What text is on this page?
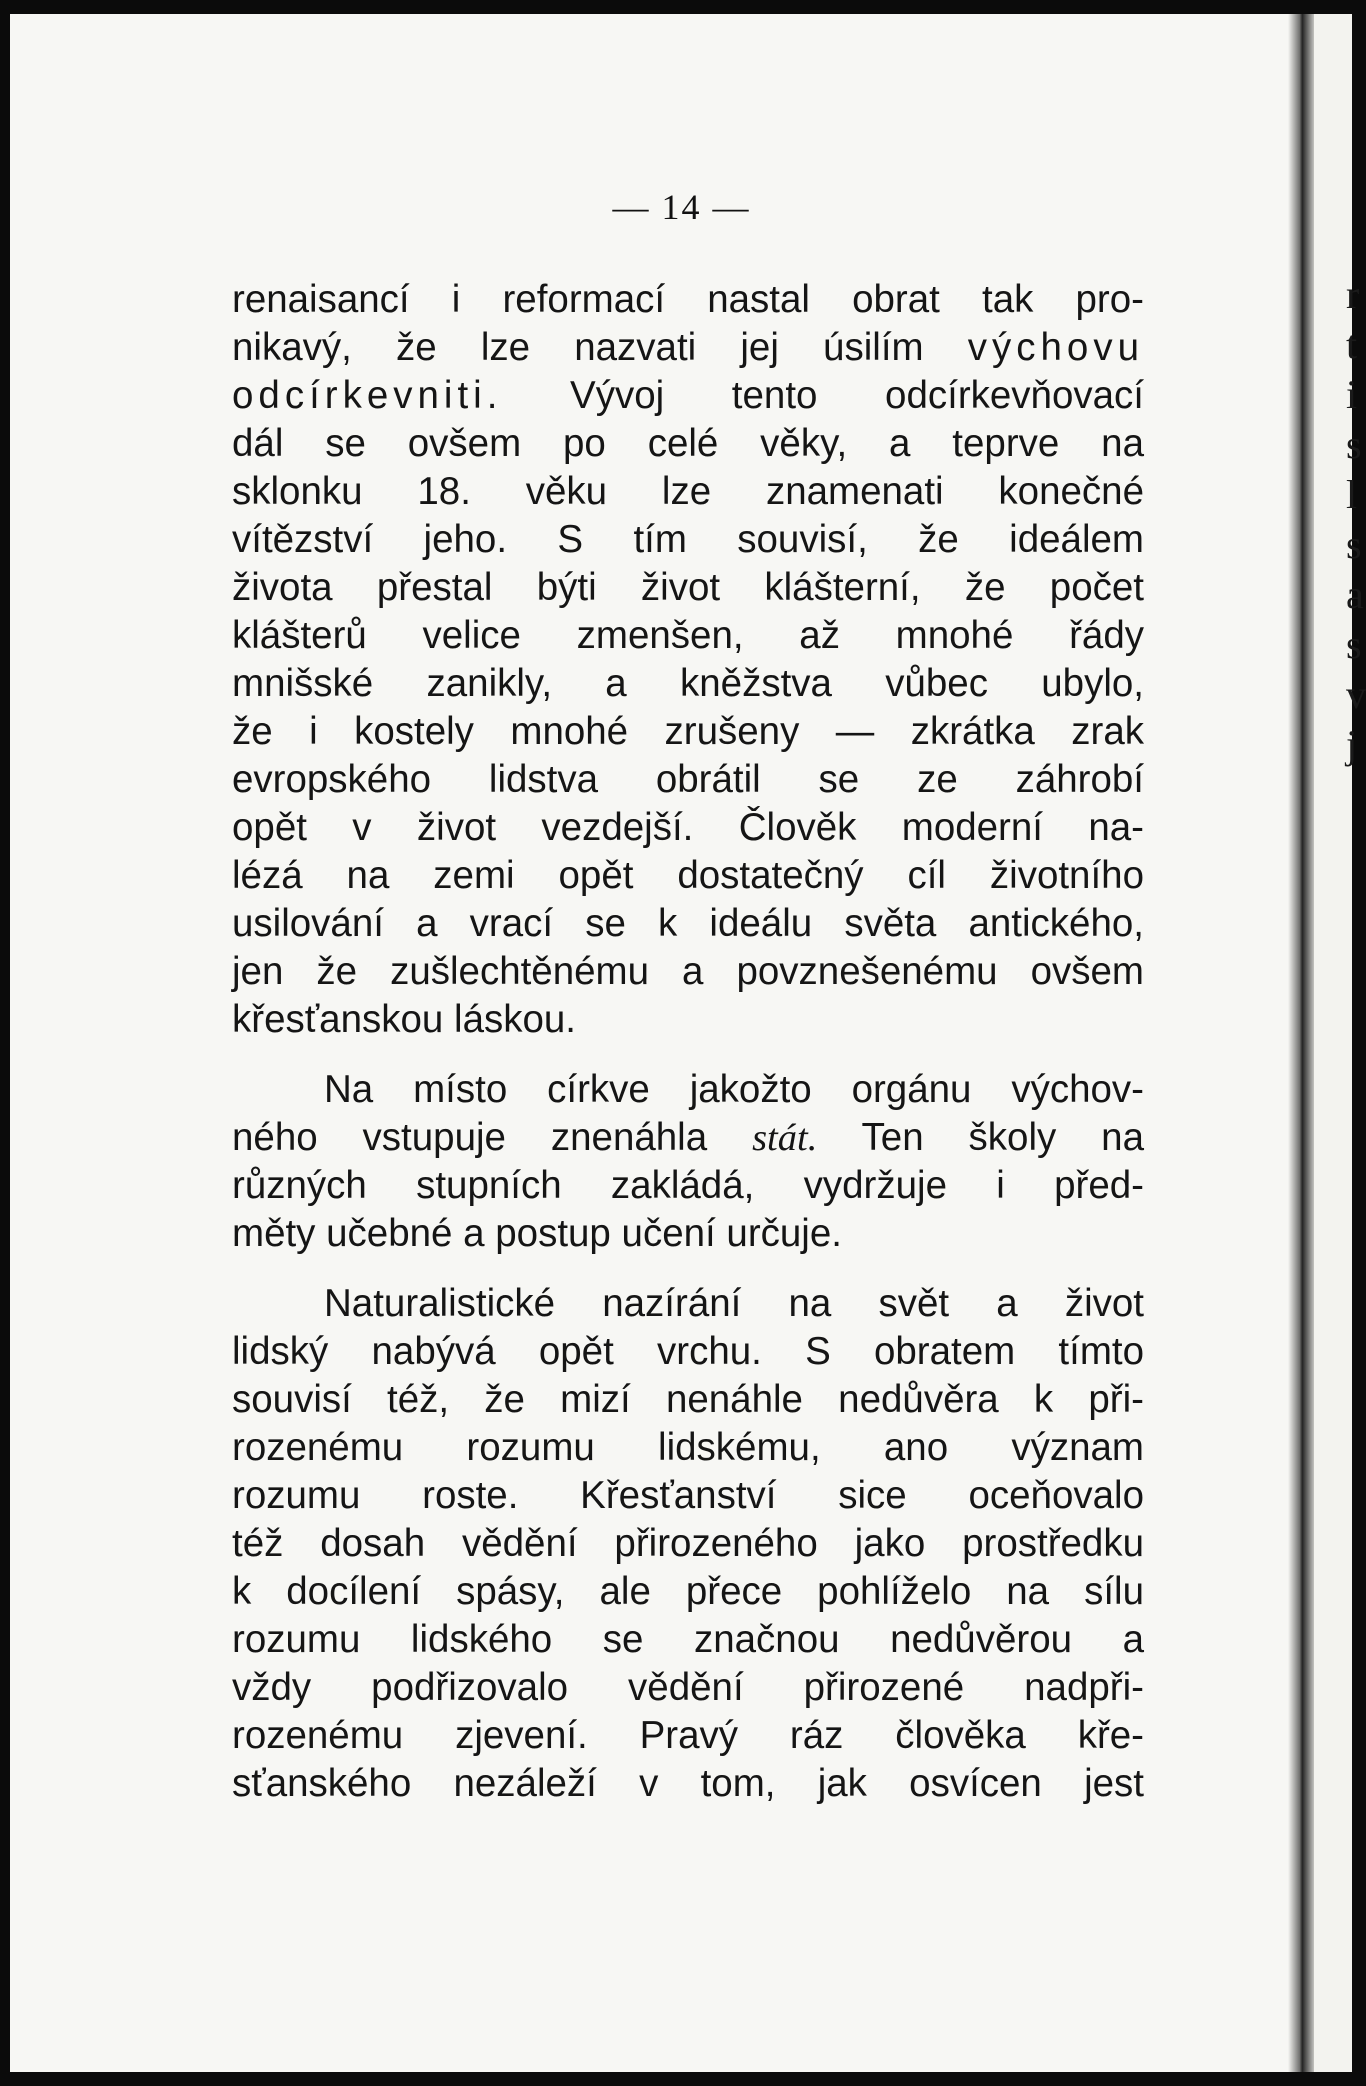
r
t
i
s
l
s
a
s
v
j
— 14 —
renaisancí i reformací nastal obrat tak pro-
nikavý, že lze nazvati jej úsilím výchovu
odcírkevniti. Vývoj tento odcírkevňovací
dál se ovšem po celé věky, a teprve na
sklonku 18. věku lze znamenati konečné
vítězství jeho. S tím souvisí, že ideálem
života přestal býti život klášterní, že počet
klášterů velice zmenšen, až mnohé řády
mnišské zanikly, a kněžstva vůbec ubylo,
že i kostely mnohé zrušeny — zkrátka zrak
evropského lidstva obrátil se ze záhrobí
opět v život vezdejší. Člověk moderní na-
lézá na zemi opět dostatečný cíl životního
usilování a vrací se k ideálu světa antického,
jen že zušlechtěnému a povznešenému ovšem
křesťanskou láskou.
Na místo církve jakožto orgánu výchov-
ného vstupuje znenáhla stát. Ten školy na
různých stupních zakládá, vydržuje i před-
měty učebné a postup učení určuje.
Naturalistické nazírání na svět a život
lidský nabývá opět vrchu. S obratem tímto
souvisí též, že mizí nenáhle nedůvěra k při-
rozenému rozumu lidskému, ano význam
rozumu roste. Křesťanství sice oceňovalo
též dosah vědění přirozeného jako prostředku
k docílení spásy, ale přece pohlíželo na sílu
rozumu lidského se značnou nedůvěrou a
vždy podřizovalo vědění přirozené nadpři-
rozenému zjevení. Pravý ráz člověka kře-
sťanského nezáleží v tom, jak osvícen jest
